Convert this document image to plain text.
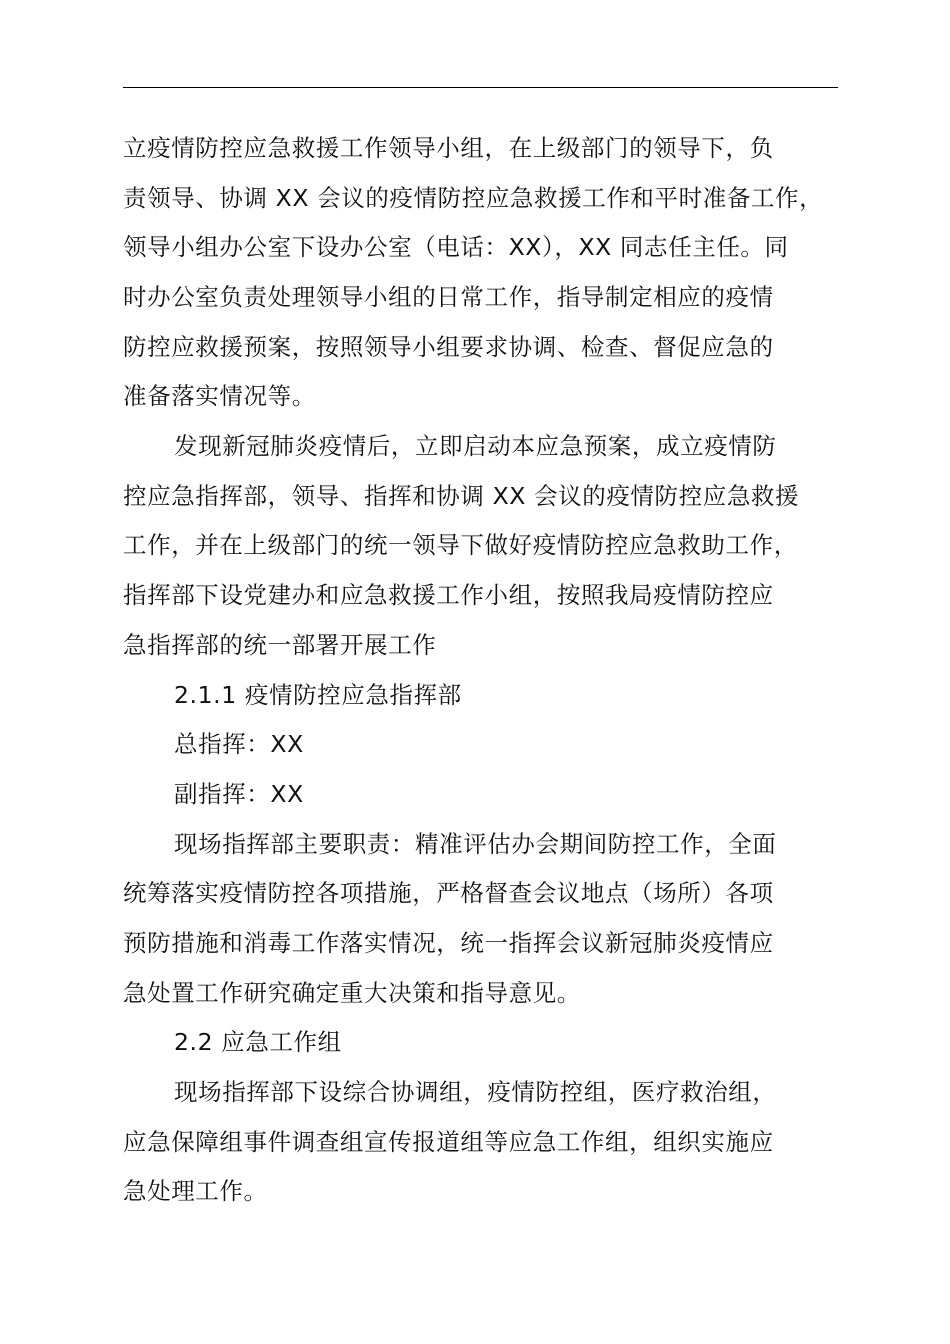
立疫情防控应急救援工作领导小组，在上级部门的领导下，负
责领导、协调 XX 会议的疫情防控应急救援工作和平时准备工作，
领导小组办公室下设办公室（电话：XX），XX 同志任主任。同
时办公室负责处理领导小组的日常工作，指导制定相应的疫情
防控应救援预案，按照领导小组要求协调、检查、督促应急的
准备落实情况等。
发现新冠肺炎疫情后，立即启动本应急预案，成立疫情防
控应急指挥部，领导、指挥和协调 XX 会议的疫情防控应急救援
工作，并在上级部门的统一领导下做好疫情防控应急救助工作，
指挥部下设党建办和应急救援工作小组，按照我局疫情防控应
急指挥部的统一部署开展工作
2.1.1 疫情防控应急指挥部
总指挥：XX
副指挥：XX
现场指挥部主要职责：精准评估办会期间防控工作，全面
统筹落实疫情防控各项措施，严格督查会议地点（场所）各项
预防措施和消毒工作落实情况，统一指挥会议新冠肺炎疫情应
急处置工作研究确定重大决策和指导意见。
2.2 应急工作组
现场指挥部下设综合协调组，疫情防控组，医疗救治组，
应急保障组事件调查组宣传报道组等应急工作组，组织实施应
急处理工作。
